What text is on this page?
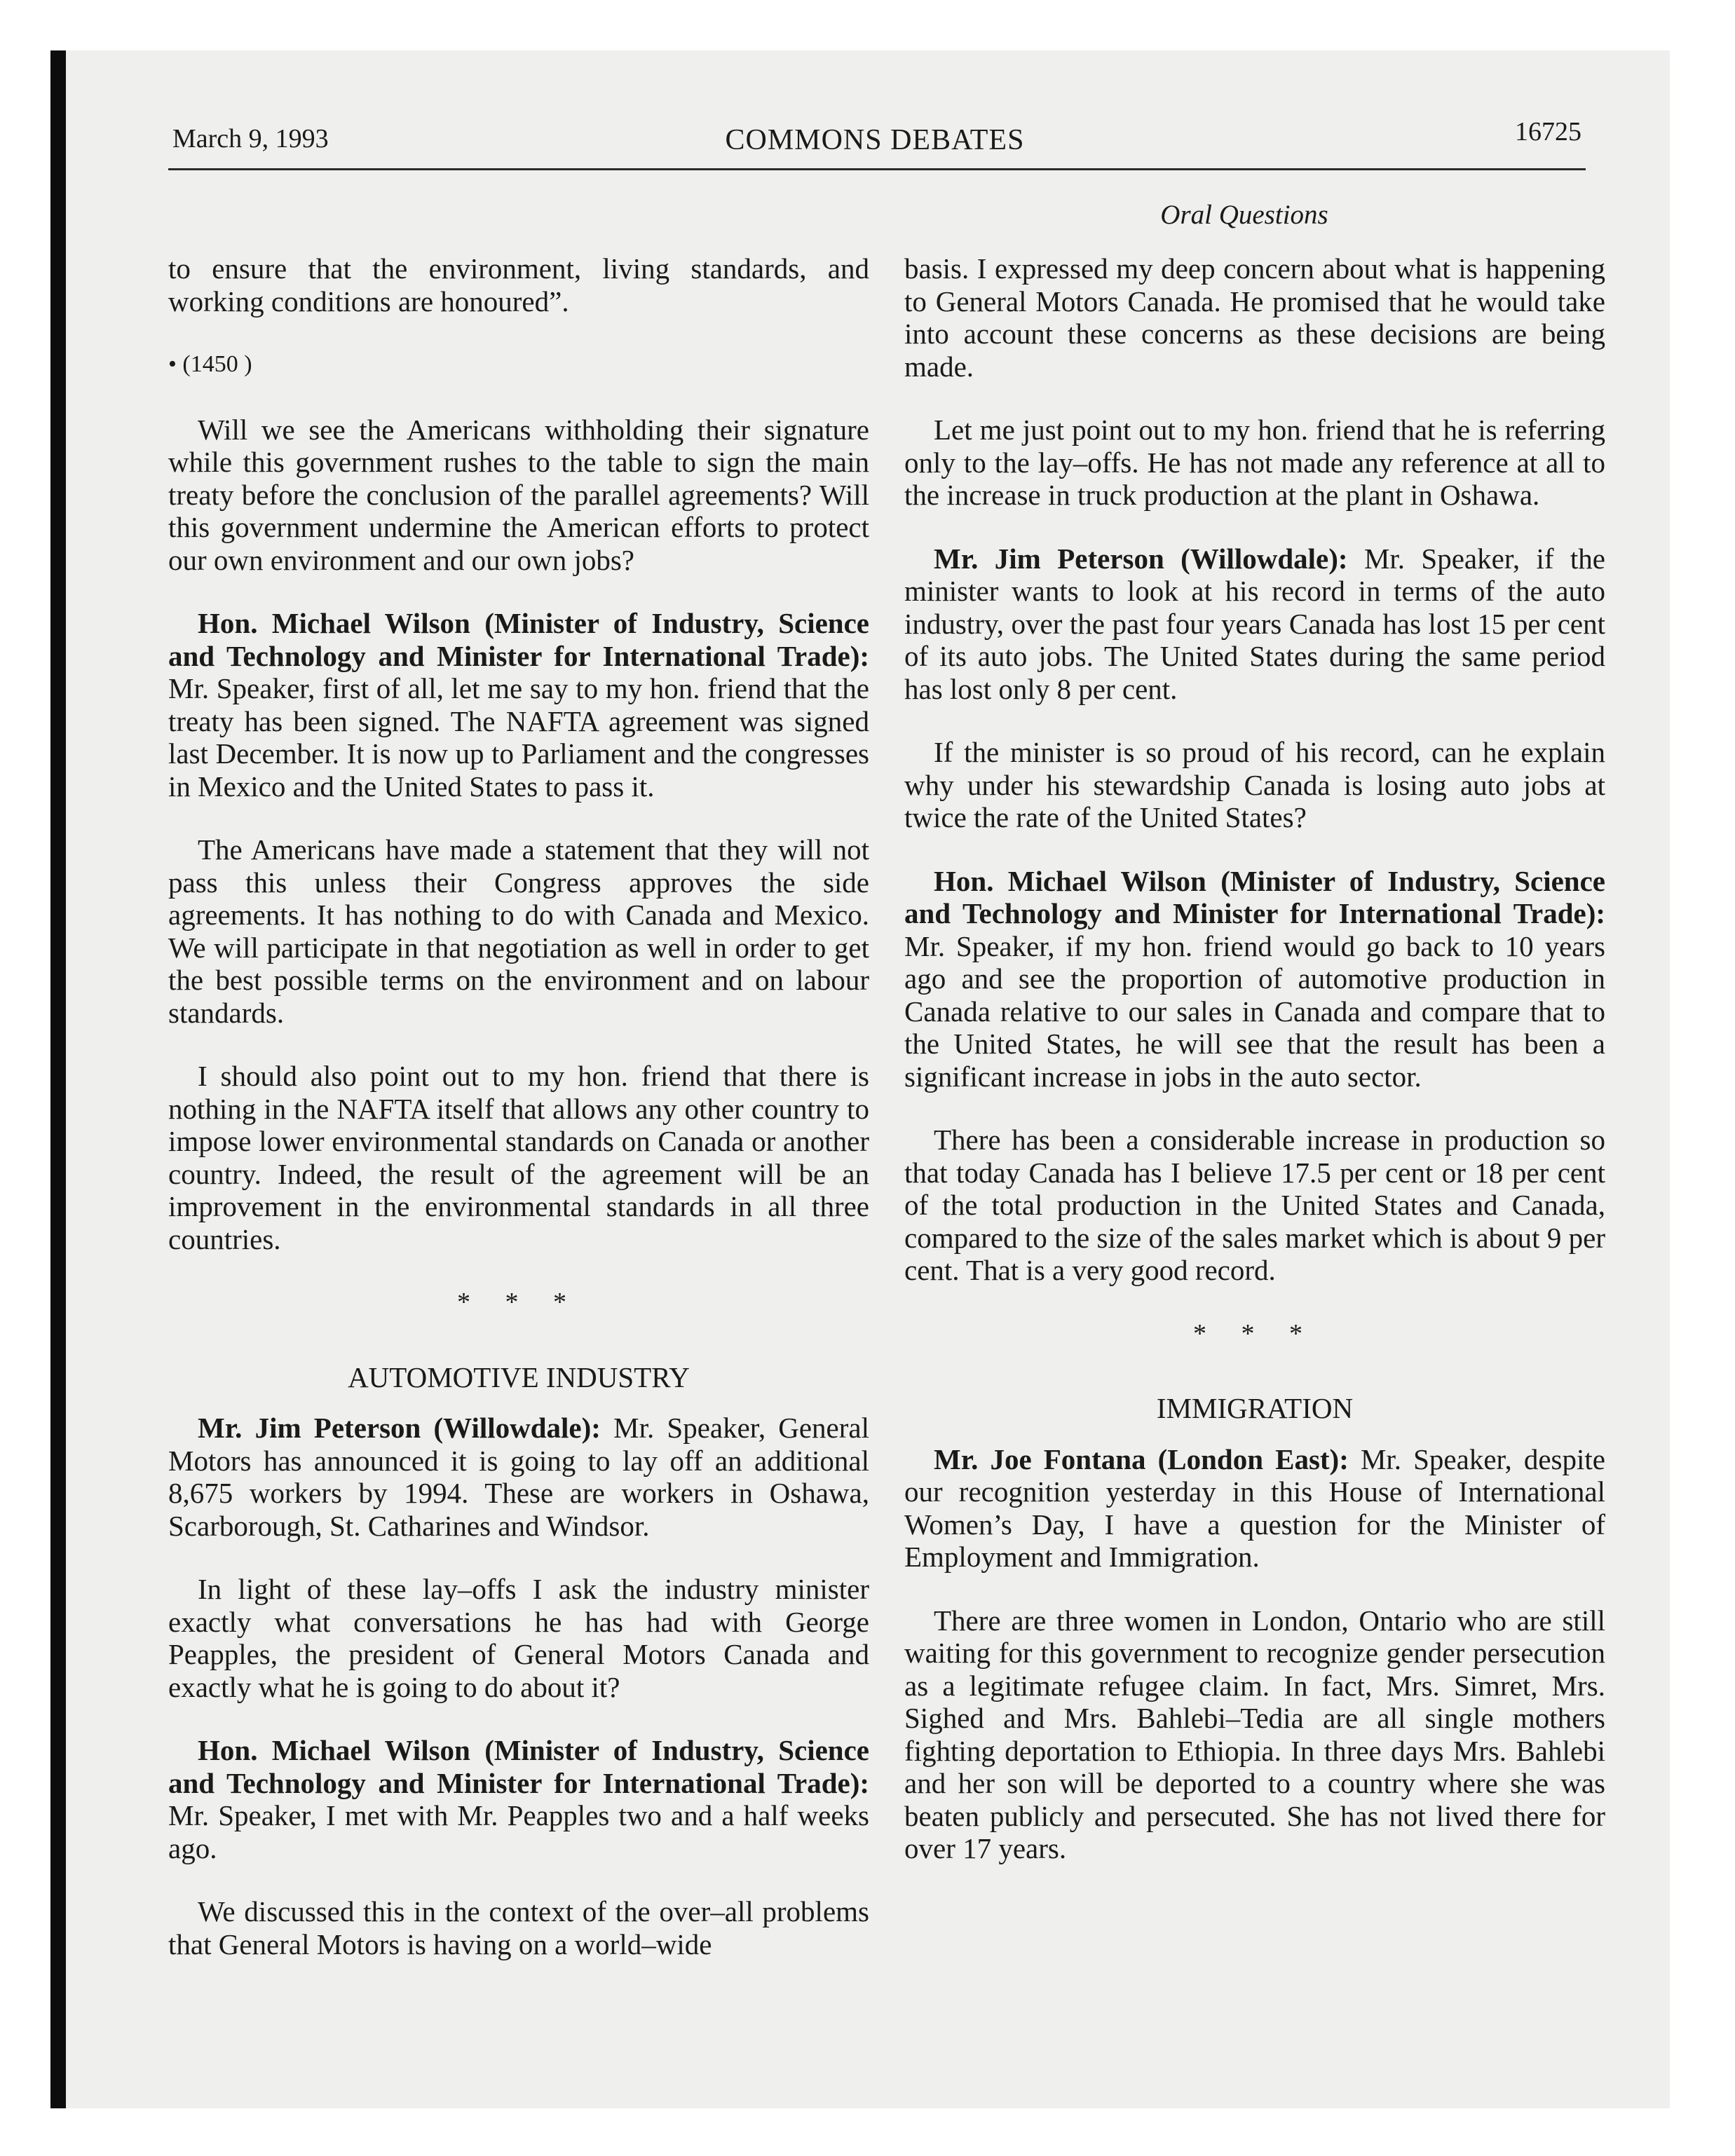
March 9, 1993	COMMONS DEBATES	16725
Oral Questions

to ensure that the environment, living standards, and working conditions are honoured”.

• (1450 )

Will we see the Americans withholding their signature while this government rushes to the table to sign the main treaty before the conclusion of the parallel agreements? Will this government undermine the American efforts to protect our own environment and our own jobs?

Hon. Michael Wilson (Minister of Industry, Science and Technology and Minister for International Trade): Mr. Speaker, first of all, let me say to my hon. friend that the treaty has been signed. The NAFTA agreement was signed last December. It is now up to Parliament and the congresses in Mexico and the United States to pass it.

The Americans have made a statement that they will not pass this unless their Congress approves the side agreements. It has nothing to do with Canada and Mexico. We will participate in that negotiation as well in order to get the best possible terms on the environment and on labour standards.

I should also point out to my hon. friend that there is nothing in the NAFTA itself that allows any other country to impose lower environmental standards on Canada or another country. Indeed, the result of the agreement will be an improvement in the environmental standards in all three countries.

* * *
AUTOMOTIVE INDUSTRY

Mr. Jim Peterson (Willowdale): Mr. Speaker, General Motors has announced it is going to lay off an additional 8,675 workers by 1994. These are workers in Oshawa, Scarborough, St. Catharines and Windsor.

In light of these lay–offs I ask the industry minister exactly what conversations he has had with George Peapples, the president of General Motors Canada and exactly what he is going to do about it?

Hon. Michael Wilson (Minister of Industry, Science and Technology and Minister for International Trade): Mr. Speaker, I met with Mr. Peapples two and a half weeks ago.

We discussed this in the context of the over–all problems that General Motors is having on a world–wide

basis. I expressed my deep concern about what is happening to General Motors Canada. He promised that he would take into account these concerns as these decisions are being made.

Let me just point out to my hon. friend that he is referring only to the lay–offs. He has not made any reference at all to the increase in truck production at the plant in Oshawa.

Mr. Jim Peterson (Willowdale): Mr. Speaker, if the minister wants to look at his record in terms of the auto industry, over the past four years Canada has lost 15 per cent of its auto jobs. The United States during the same period has lost only 8 per cent.

If the minister is so proud of his record, can he explain why under his stewardship Canada is losing auto jobs at twice the rate of the United States?

Hon. Michael Wilson (Minister of Industry, Science and Technology and Minister for International Trade): Mr. Speaker, if my hon. friend would go back to 10 years ago and see the proportion of automotive production in Canada relative to our sales in Canada and compare that to the United States, he will see that the result has been a significant increase in jobs in the auto sector.

There has been a considerable increase in production so that today Canada has I believe 17.5 per cent or 18 per cent of the total production in the United States and Canada, compared to the size of the sales market which is about 9 per cent. That is a very good record.

* * *
IMMIGRATION

Mr. Joe Fontana (London East): Mr. Speaker, despite our recognition yesterday in this House of International Women’s Day, I have a question for the Minister of Employment and Immigration.

There are three women in London, Ontario who are still waiting for this government to recognize gender persecution as a legitimate refugee claim. In fact, Mrs. Simret, Mrs. Sighed and Mrs. Bahlebi–Tedia are all single mothers fighting deportation to Ethiopia. In three days Mrs. Bahlebi and her son will be deported to a country where she was beaten publicly and persecuted. She has not lived there for over 17 years.
